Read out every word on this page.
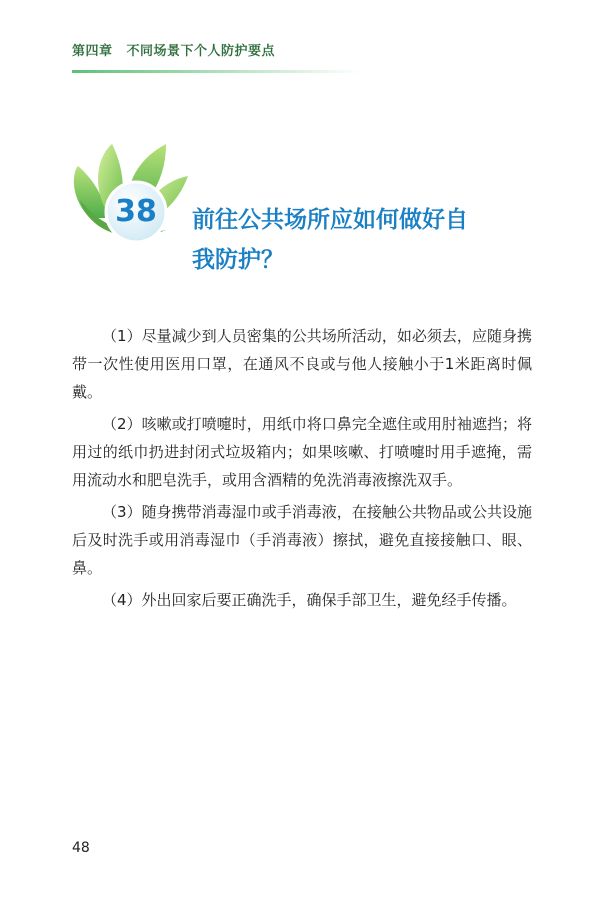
第四章 不同场景下个人防护要点
38	前往公共场所应如何做好自
我防护？

（1）尽量减少到人员密集的公共场所活动，如必须去，应随身携带一次性使用医用口罩，在通风不良或与他人接触小于1米距离时佩戴。

（2）咳嗽或打喷嚏时，用纸巾将口鼻完全遮住或用肘袖遮挡；将用过的纸巾扔进封闭式垃圾箱内；如果咳嗽、打喷嚏时用手遮掩，需用流动水和肥皂洗手，或用含酒精的免洗消毒液擦洗双手。

（3）随身携带消毒湿巾或手消毒液，在接触公共物品或公共设施后及时洗手或用消毒湿巾（手消毒液）擦拭，避免直接接触口、眼、鼻。

（4）外出回家后要正确洗手，确保手部卫生，避免经手传播。

48
